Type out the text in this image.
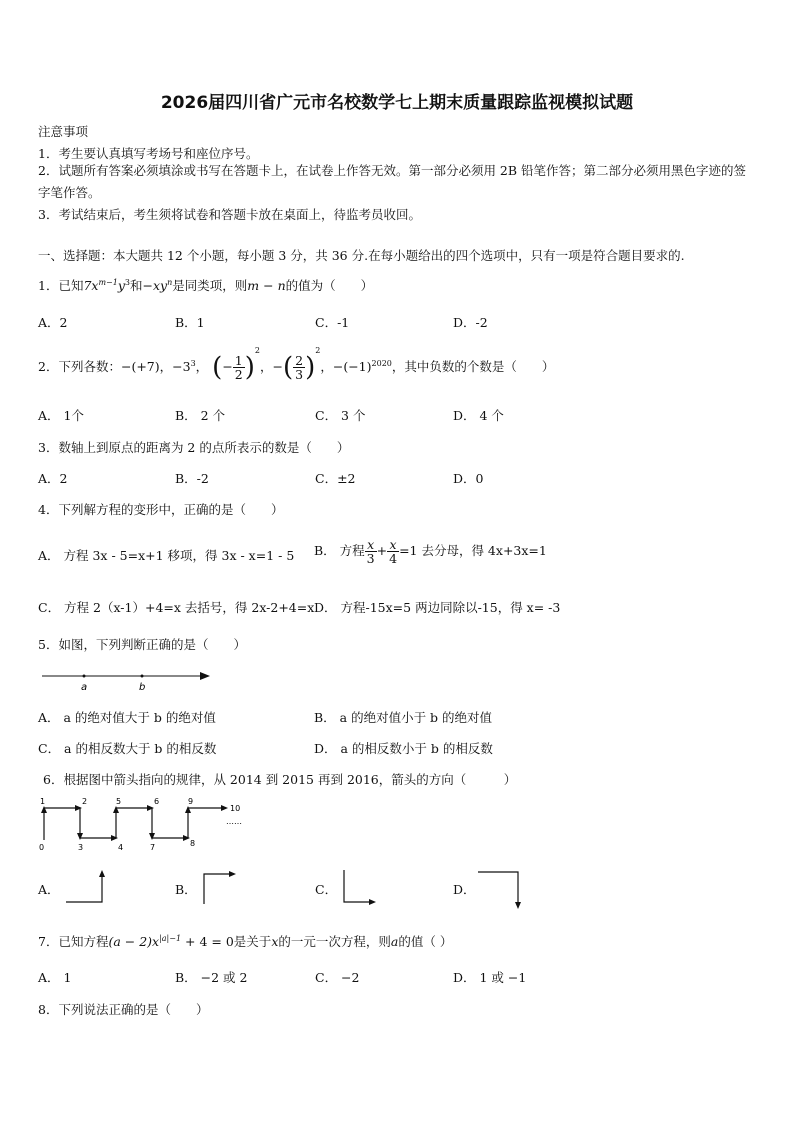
2026届四川省广元市名校数学七上期末质量跟踪监视模拟试题
注意事项
1．考生要认真填写考场号和座位序号。
2．试题所有答案必须填涂或书写在答题卡上，在试卷上作答无效。第一部分必须用 2B 铅笔作答；第二部分必须用黑色字迹的签字笔作答。
3．考试结束后，考生须将试卷和答题卡放在桌面上，待监考员收回。
一、选择题：本大题共 12 个小题，每小题 3 分，共 36 分.在每小题给出的四个选项中，只有一项是符合题目要求的.
1．已知$7x^{m-1}y^3$和$-xy^n$是同类项，则m − n的值为（　　）
A．2	B．1	C．-1	D．-2
2．下列各数：−(+7)，$-3^3$， (− $\frac{1}{2} )^2$，−( $\frac{2}{3} )^2$，$-(-1)^{2020}$，其中负数的个数是（　　）
A． 1个	B． 2 个	C． 3 个	D． 4 个
3．数轴上到原点的距离为 2 的点所表示的数是（　　）
A．2	B．-2	C．±2	D．0
4．下列解方程的变形中，正确的是（　　）
A． 方程 3x - 5=x+1 移项，得 3x - x=1 - 5 B． 方程 $\frac{x}{3} + \frac{x}{4} =1$ 去分母，得 4x+3x=1
C． 方程 2（x-1）+4=x 去括号，得 2x-2+4=x D． 方程-15x=5 两边同除以-15，得 x= -3
5．如图，下列判断正确的是（　　）
a	b
A． a 的绝对值大于 b 的绝对值	B． a 的绝对值小于 b 的绝对值
C． a 的相反数大于 b 的相反数	D． a 的相反数小于 b 的相反数
6．根据图中箭头指向的规律，从 2014 到 2015 再到 2016，箭头的方向（　　　）
1	2	5	6	9
10
0	3	4	7	8
……
A．	B．	C．	D．
7．已知方程$(a - 2)x^{|a|-1} + 4 = 0$是关于x的一元一次方程，则a的值（ ）
A． 1	B． −2 或 2	C． −2	D． 1 或 −1
8．下列说法正确的是（　　）
